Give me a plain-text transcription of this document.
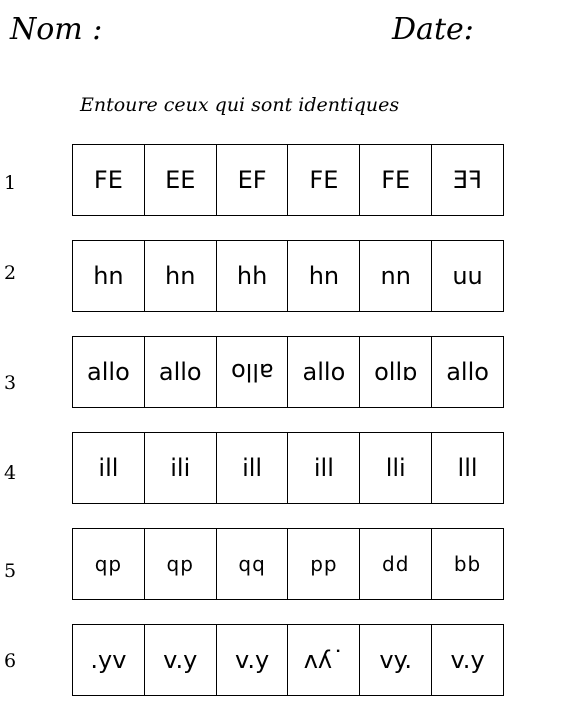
Nom :	Date:
Entoure ceux qui sont identiques
1	FE EE EF FE FE FE
2	hn hn hh hn nn uu
3	allo allo allo allo ollɒ allo
4	ill ili ill ill lli lll
5	qp qp qq pp dd bb
6	.yv v.y v.y ʌʎ˙ vy. v.y
